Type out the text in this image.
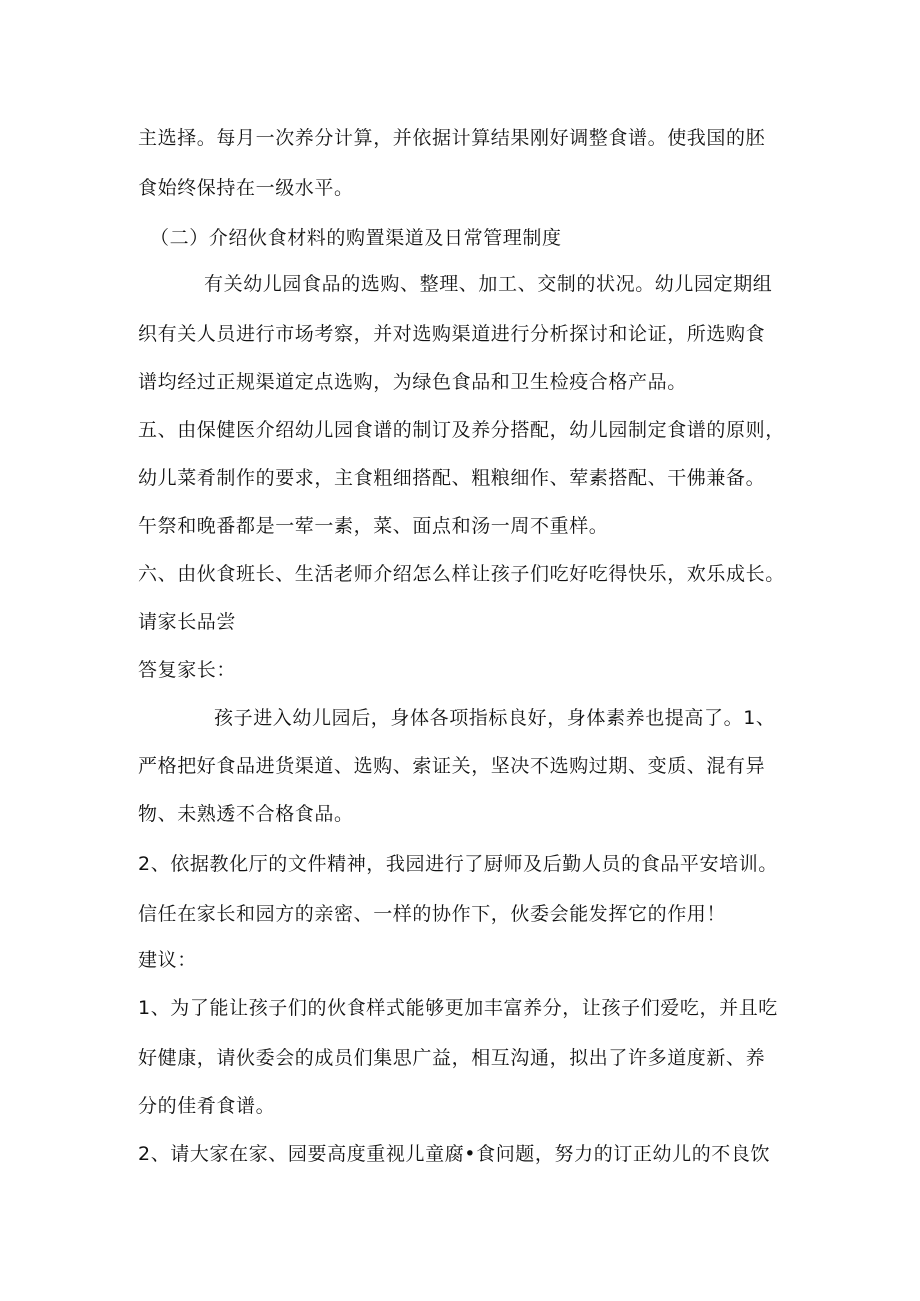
主选择。每月一次养分计算，并依据计算结果刚好调整食谱。使我国的胚
食始终保持在一级水平。
（二）介绍伙食材料的购置渠道及日常管理制度
有关幼儿园食品的选购、整理、加工、交制的状况。幼儿园定期组
织有关人员进行市场考察，并对选购渠道进行分析探讨和论证，所选购食
谱均经过正规渠道定点选购，为绿色食品和卫生检疫合格产品。
五、由保健医介绍幼儿园食谱的制订及养分搭配，幼儿园制定食谱的原则，
幼儿菜肴制作的要求，主食粗细搭配、粗粮细作、荤素搭配、干佛兼备。
午祭和晚番都是一荤一素，菜、面点和汤一周不重样。
六、由伙食班长、生活老师介绍怎么样让孩子们吃好吃得快乐，欢乐成长。
请家长品尝
答复家长：
孩子进入幼儿园后，身体各项指标良好，身体素养也提高了。1、
严格把好食品进货渠道、选购、索证关，坚决不选购过期、变质、混有异
物、未熟透不合格食品。
2、依据教化厅的文件精神，我园进行了厨师及后勤人员的食品平安培训。
信任在家长和园方的亲密、一样的协作下，伙委会能发挥它的作用！
建议：
1、为了能让孩子们的伙食样式能够更加丰富养分，让孩子们爱吃，并且吃
好健康，请伙委会的成员们集思广益，相互沟通，拟出了许多道度新、养
分的佳肴食谱。
2、请大家在家、园要高度重视儿童腐•食问题，努力的订正幼儿的不良饮
